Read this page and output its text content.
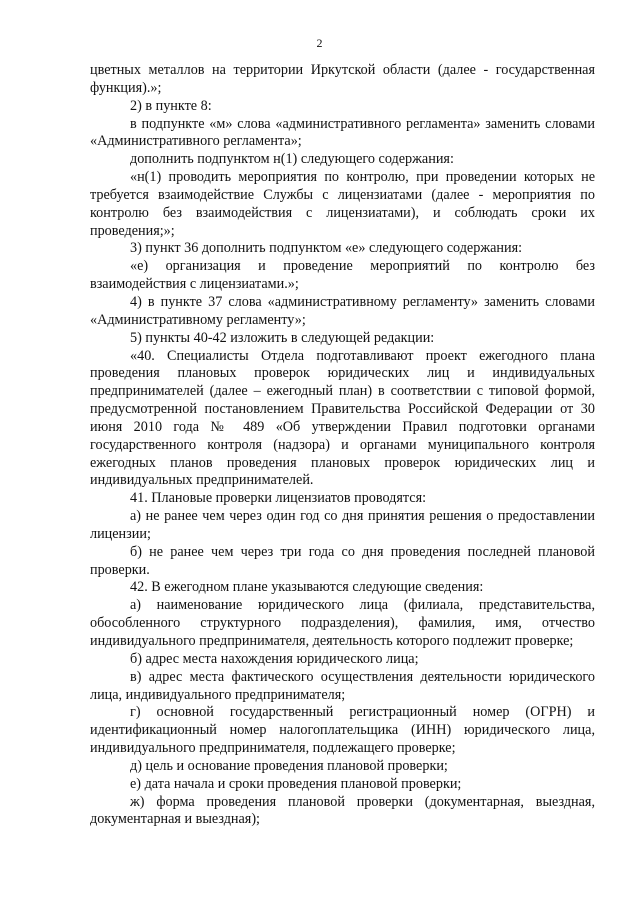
2

цветных металлов на территории Иркутской области (далее - государственная функция).»;

2) в пункте 8:

в подпункте «м» слова «административного регламента» заменить словами «Административного регламента»;

дополнить подпунктом н(1) следующего содержания:

«н(1) проводить мероприятия по контролю, при проведении которых не требуется взаимодействие Службы с лицензиатами (далее - мероприятия по контролю без взаимодействия с лицензиатами), и соблюдать сроки их проведения;»;

3) пункт 36 дополнить подпунктом «е» следующего содержания:

«е) организация и проведение мероприятий по контролю без взаимодействия с лицензиатами.»;

4) в пункте 37 слова «административному регламенту» заменить словами «Административному регламенту»;

5) пункты 40-42 изложить в следующей редакции:

«40. Специалисты Отдела подготавливают проект ежегодного плана проведения плановых проверок юридических лиц и индивидуальных предпринимателей (далее – ежегодный план) в соответствии с типовой формой, предусмотренной постановлением Правительства Российской Федерации от 30 июня 2010 года № 489 «Об утверждении Правил подготовки органами государственного контроля (надзора) и органами муниципального контроля ежегодных планов проведения плановых проверок юридических лиц и индивидуальных предпринимателей.

41. Плановые проверки лицензиатов проводятся:

а) не ранее чем через один год со дня принятия решения о предоставлении лицензии;

б) не ранее чем через три года со дня проведения последней плановой проверки.

42. В ежегодном плане указываются следующие сведения:

а) наименование юридического лица (филиала, представительства, обособленного структурного подразделения), фамилия, имя, отчество индивидуального предпринимателя, деятельность которого подлежит проверке;

б) адрес места нахождения юридического лица;

в) адрес места фактического осуществления деятельности юридического лица, индивидуального предпринимателя;

г) основной государственный регистрационный номер (ОГРН) и идентификационный номер налогоплательщика (ИНН) юридического лица, индивидуального предпринимателя, подлежащего проверке;

д) цель и основание проведения плановой проверки;

е) дата начала и сроки проведения плановой проверки;

ж) форма проведения плановой проверки (документарная, выездная, документарная и выездная);
